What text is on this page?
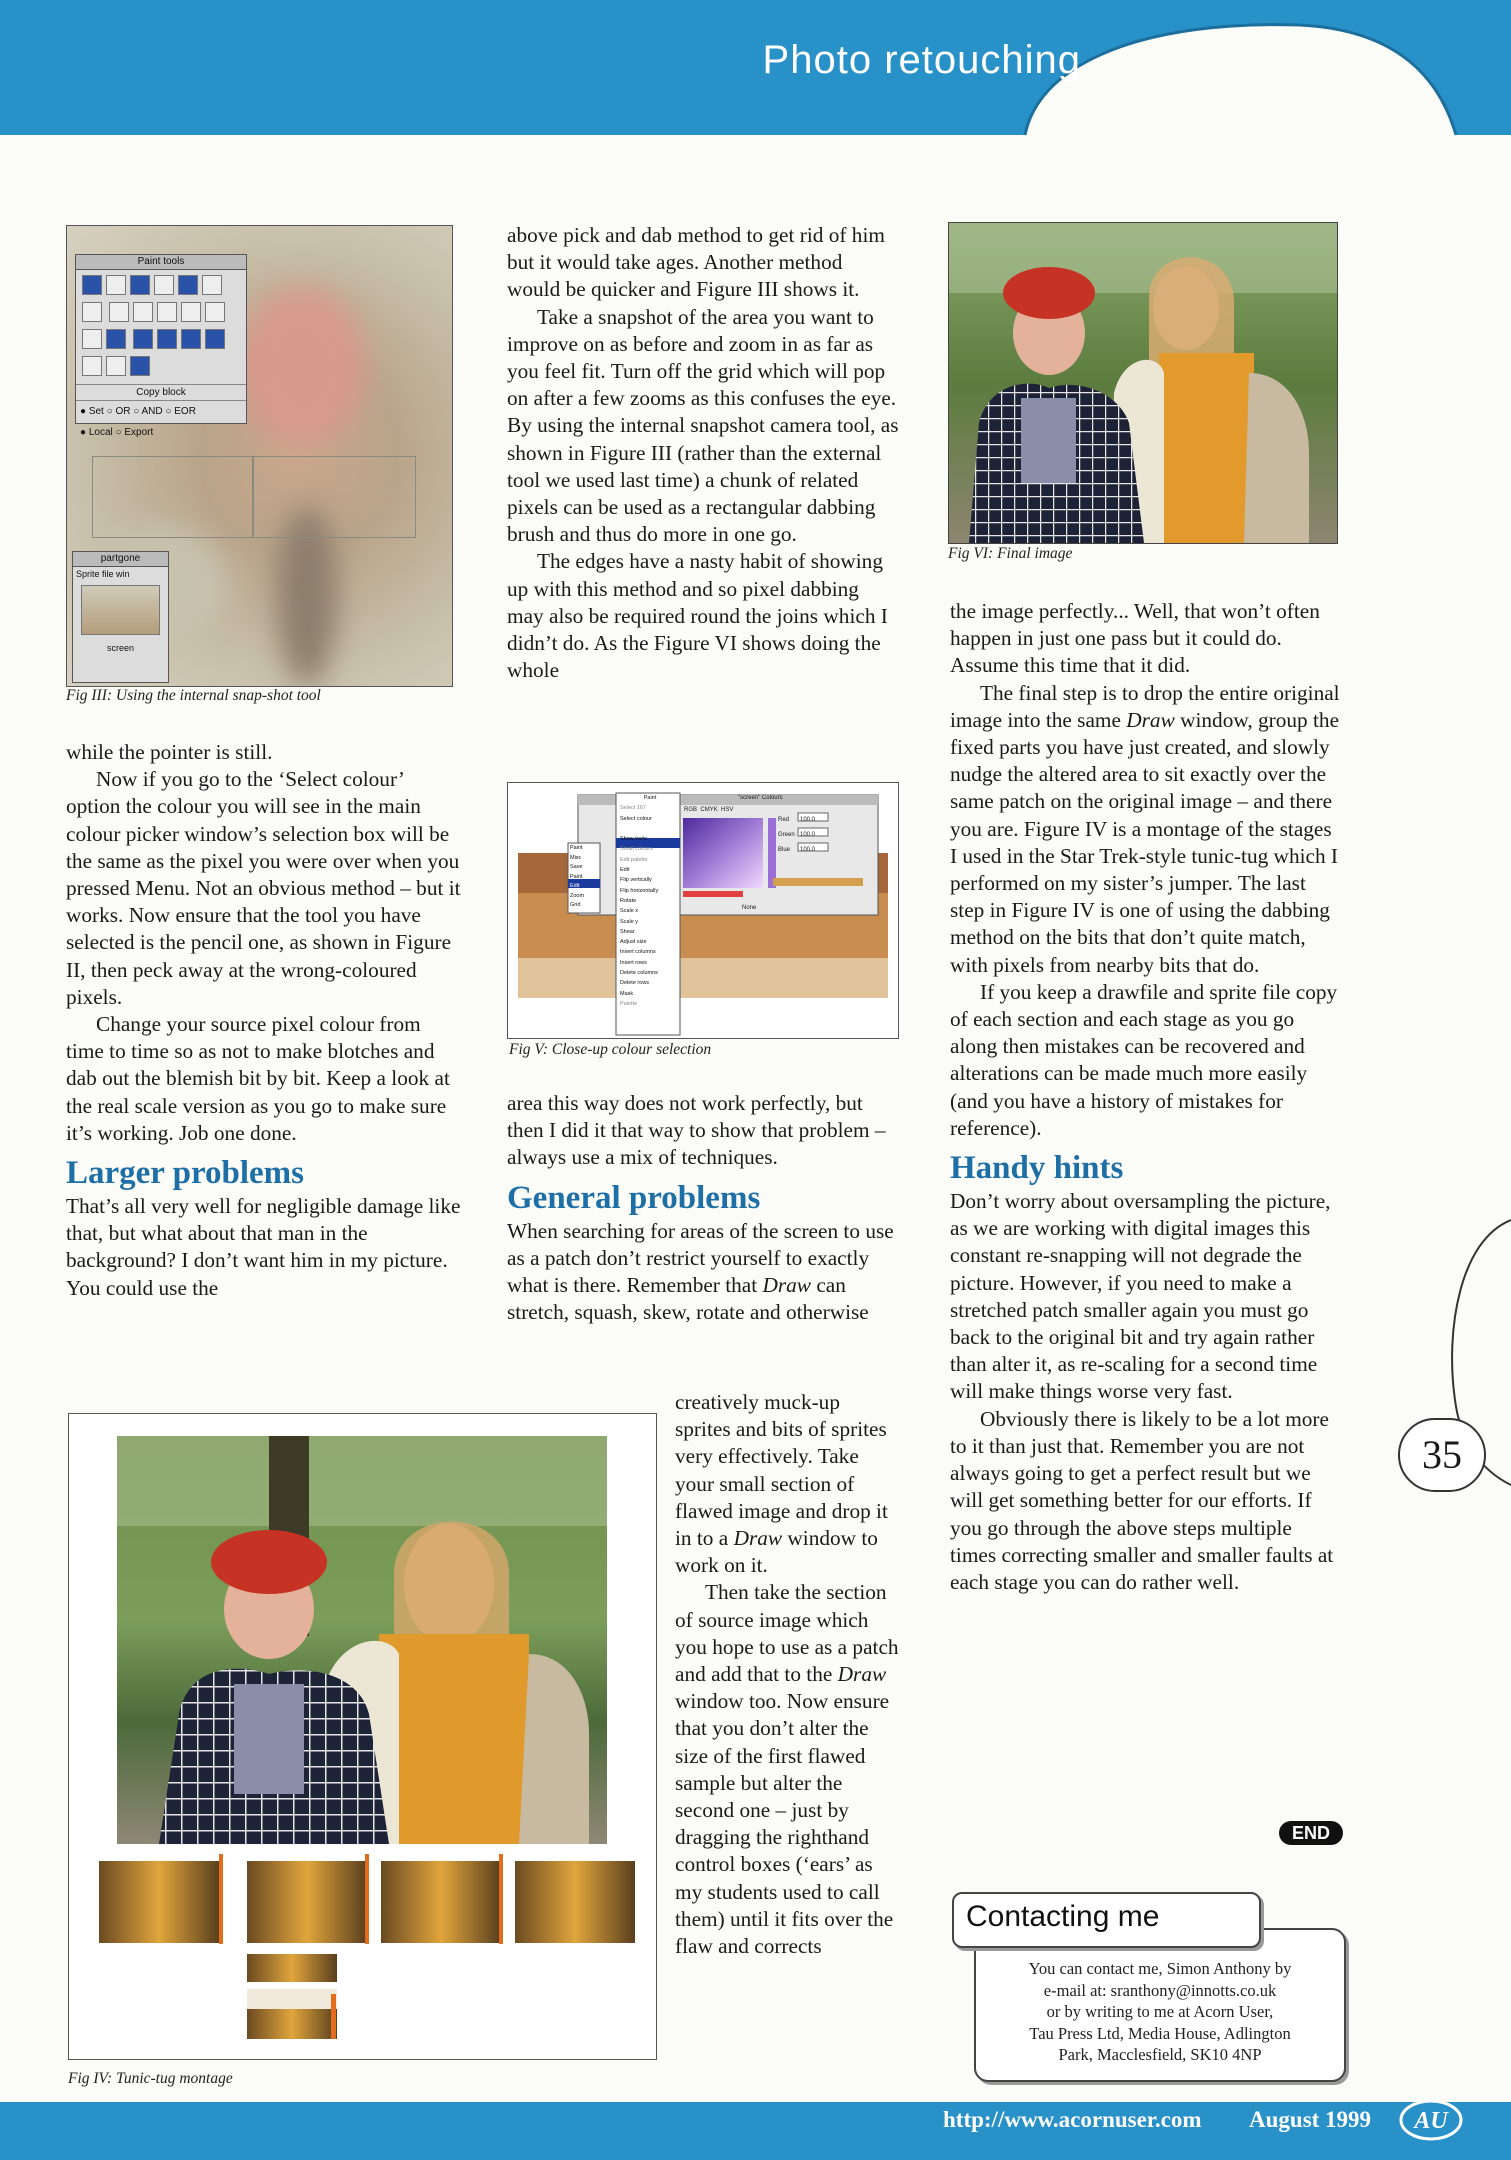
Photo retouching
35
Paint tools

Copy block
● Set ○ OR ○ AND ○ EOR
● Local ○ Export
partgone
Sprite file win
screen
Fig III: Using the internal snap-shot tool

while the pointer is still.

Now if you go to the ‘Select colour’ option the colour you will see in the main colour picker window’s selection box will be the same as the pixel you were over when you pressed Menu. Not an obvious method – but it works. Now ensure that the tool you have selected is the pencil one, as shown in Figure II, then peck away at the wrong-coloured pixels.

Change your source pixel colour from time to time so as not to make blotches and dab out the blemish bit by bit. Keep a look at the real scale version as you go to make sure it’s working. Job one done.

Larger problems

That’s all very well for negligible damage like that, but what about that man in the background? I don’t want him in my picture. You could use the

above pick and dab method to get rid of him but it would take ages. Another method would be quicker and Figure III shows it.

Take a snapshot of the area you want to improve on as before and zoom in as far as you feel fit. Turn off the grid which will pop on after a few zooms as this confuses the eye. By using the internal snapshot camera tool, as shown in Figure III (rather than the external tool we used last time) a chunk of related pixels can be used as a rectangular dabbing brush and thus do more in one go.

The edges have a nasty habit of showing up with this method and so pixel dabbing may also be required round the joins which I didn’t do. As the Figure VI shows doing the whole

Paint
Select 167
Select colour
Show colours
Show tools
Small colours
Edit palette
Edit
Flip vertically
Flip horizontally
Rotate
Scale x
Scale y
Shear
Adjust size
Insert columns
Insert rows
Delete columns
Delete rows
Mask
Palette
Paint
Misc
Save
Paint
Edit
Zoom
Grid
"screen" Colours
RGB CMYK HSV
Red
Green
Blue
100.0
100.0
100.0
None
Fig V: Close-up colour selection

area this way does not work perfectly, but then I did it that way to show that problem – always use a mix of techniques.

General problems

When searching for areas of the screen to use as a patch don’t restrict yourself to exactly what is there. Remember that Draw can stretch, squash, skew, rotate and otherwise

creatively muck-up sprites and bits of sprites very effectively. Take your small section of flawed image and drop it in to a Draw window to work on it.

Then take the section of source image which you hope to use as a patch and add that to the Draw window too. Now ensure that you don’t alter the size of the first flawed sample but alter the second one – just by dragging the righthand control boxes (‘ears’ as my students used to call them) until it fits over the flaw and corrects

Fig IV: Tunic-tug montage
Fig VI: Final image

the image perfectly... Well, that won’t often happen in just one pass but it could do. Assume this time that it did.

The final step is to drop the entire original image into the same Draw window, group the fixed parts you have just created, and slowly nudge the altered area to sit exactly over the same patch on the original image – and there you are. Figure IV is a montage of the stages I used in the Star Trek-style tunic-tug which I performed on my sister’s jumper. The last step in Figure IV is one of using the dabbing method on the bits that don’t quite match, with pixels from nearby bits that do.

If you keep a drawfile and sprite file copy of each section and each stage as you go along then mistakes can be recovered and alterations can be made much more easily (and you have a history of mistakes for reference).

Handy hints

Don’t worry about oversampling the picture, as we are working with digital images this constant re-snapping will not degrade the picture. However, if you need to make a stretched patch smaller again you must go back to the original bit and try again rather than alter it, as re-scaling for a second time will make things worse very fast.

Obviously there is likely to be a lot more to it than just that. Remember you are not always going to get a perfect result but we will get something better for our efforts. If you go through the above steps multiple times correcting smaller and smaller faults at each stage you can do rather well.

END
Contacting me
You can contact me, Simon Anthony by
e-mail at: sranthony@innotts.co.uk
or by writing to me at Acorn User,
Tau Press Ltd, Media House, Adlington
Park, Macclesfield, SK10 4NP
http://www.acornuser.com August 1999 AU
